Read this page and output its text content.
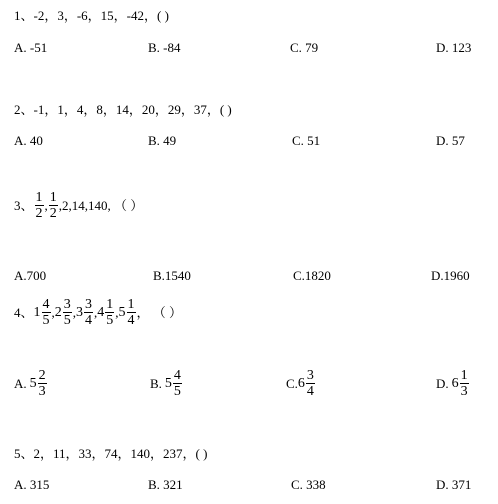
1、-2，3，-6，15，-42，( )
A. -51	B. -84	C. 79	D. 123
2、-1，1，4，8，14，20，29，37，( )
A. 40	B. 49	C. 51	D. 57
3、 $\frac{1}{2}$ , $\frac{1}{2} ,2,14,140$, （ ）
A.700	B.1540	C.1820	D.1960
4、 $1 \frac{4}{5}$ , $2 \frac{3}{5}$ , $3 \frac{3}{4}$ , $4 \frac{1}{5}$ , $5 \frac{1}{4}$ ， （ ）
A. $5 \frac{2}{3}$	B. $5 \frac{4}{5}$	C. $6 \frac{3}{4}$	D. $6 \frac{1}{3}$
5、2，11，33，74，140，237，( )
A. 315	B. 321	C. 338	D. 371
